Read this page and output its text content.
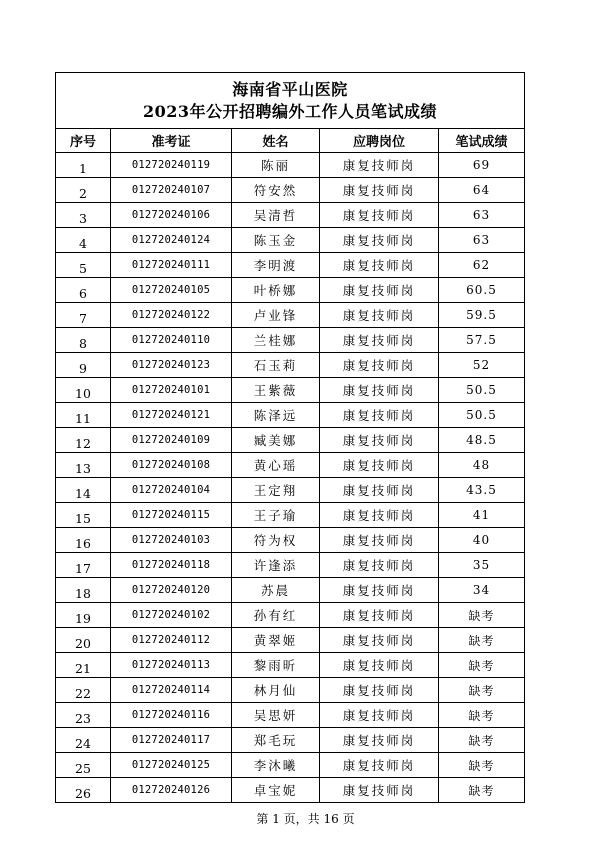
海南省平山医院
2023年公开招聘编外工作人员笔试成绩				

序号	准考证	姓名	应聘岗位	笔试成绩
1	012720240119	陈丽	康复技师岗	69
2	012720240107	符安然	康复技师岗	64
3	012720240106	吴清哲	康复技师岗	63
4	012720240124	陈玉金	康复技师岗	63
5	012720240111	李明渡	康复技师岗	62
6	012720240105	叶桥娜	康复技师岗	60.5
7	012720240122	卢业锋	康复技师岗	59.5
8	012720240110	兰桂娜	康复技师岗	57.5
9	012720240123	石玉莉	康复技师岗	52
10	012720240101	王紫薇	康复技师岗	50.5
11	012720240121	陈泽远	康复技师岗	50.5
12	012720240109	臧美娜	康复技师岗	48.5
13	012720240108	黄心瑶	康复技师岗	48
14	012720240104	王定翔	康复技师岗	43.5
15	012720240115	王子瑜	康复技师岗	41
16	012720240103	符为权	康复技师岗	40
17	012720240118	许逢添	康复技师岗	35
18	012720240120	苏晨	康复技师岗	34
19	012720240102	孙有红	康复技师岗	缺考
20	012720240112	黄翠姬	康复技师岗	缺考
21	012720240113	黎雨昕	康复技师岗	缺考
22	012720240114	林月仙	康复技师岗	缺考
23	012720240116	吴思妍	康复技师岗	缺考
24	012720240117	郑毛玩	康复技师岗	缺考
25	012720240125	李沐曦	康复技师岗	缺考
26	012720240126	卓宝妮	康复技师岗	缺考
第 1 页，共 16 页
